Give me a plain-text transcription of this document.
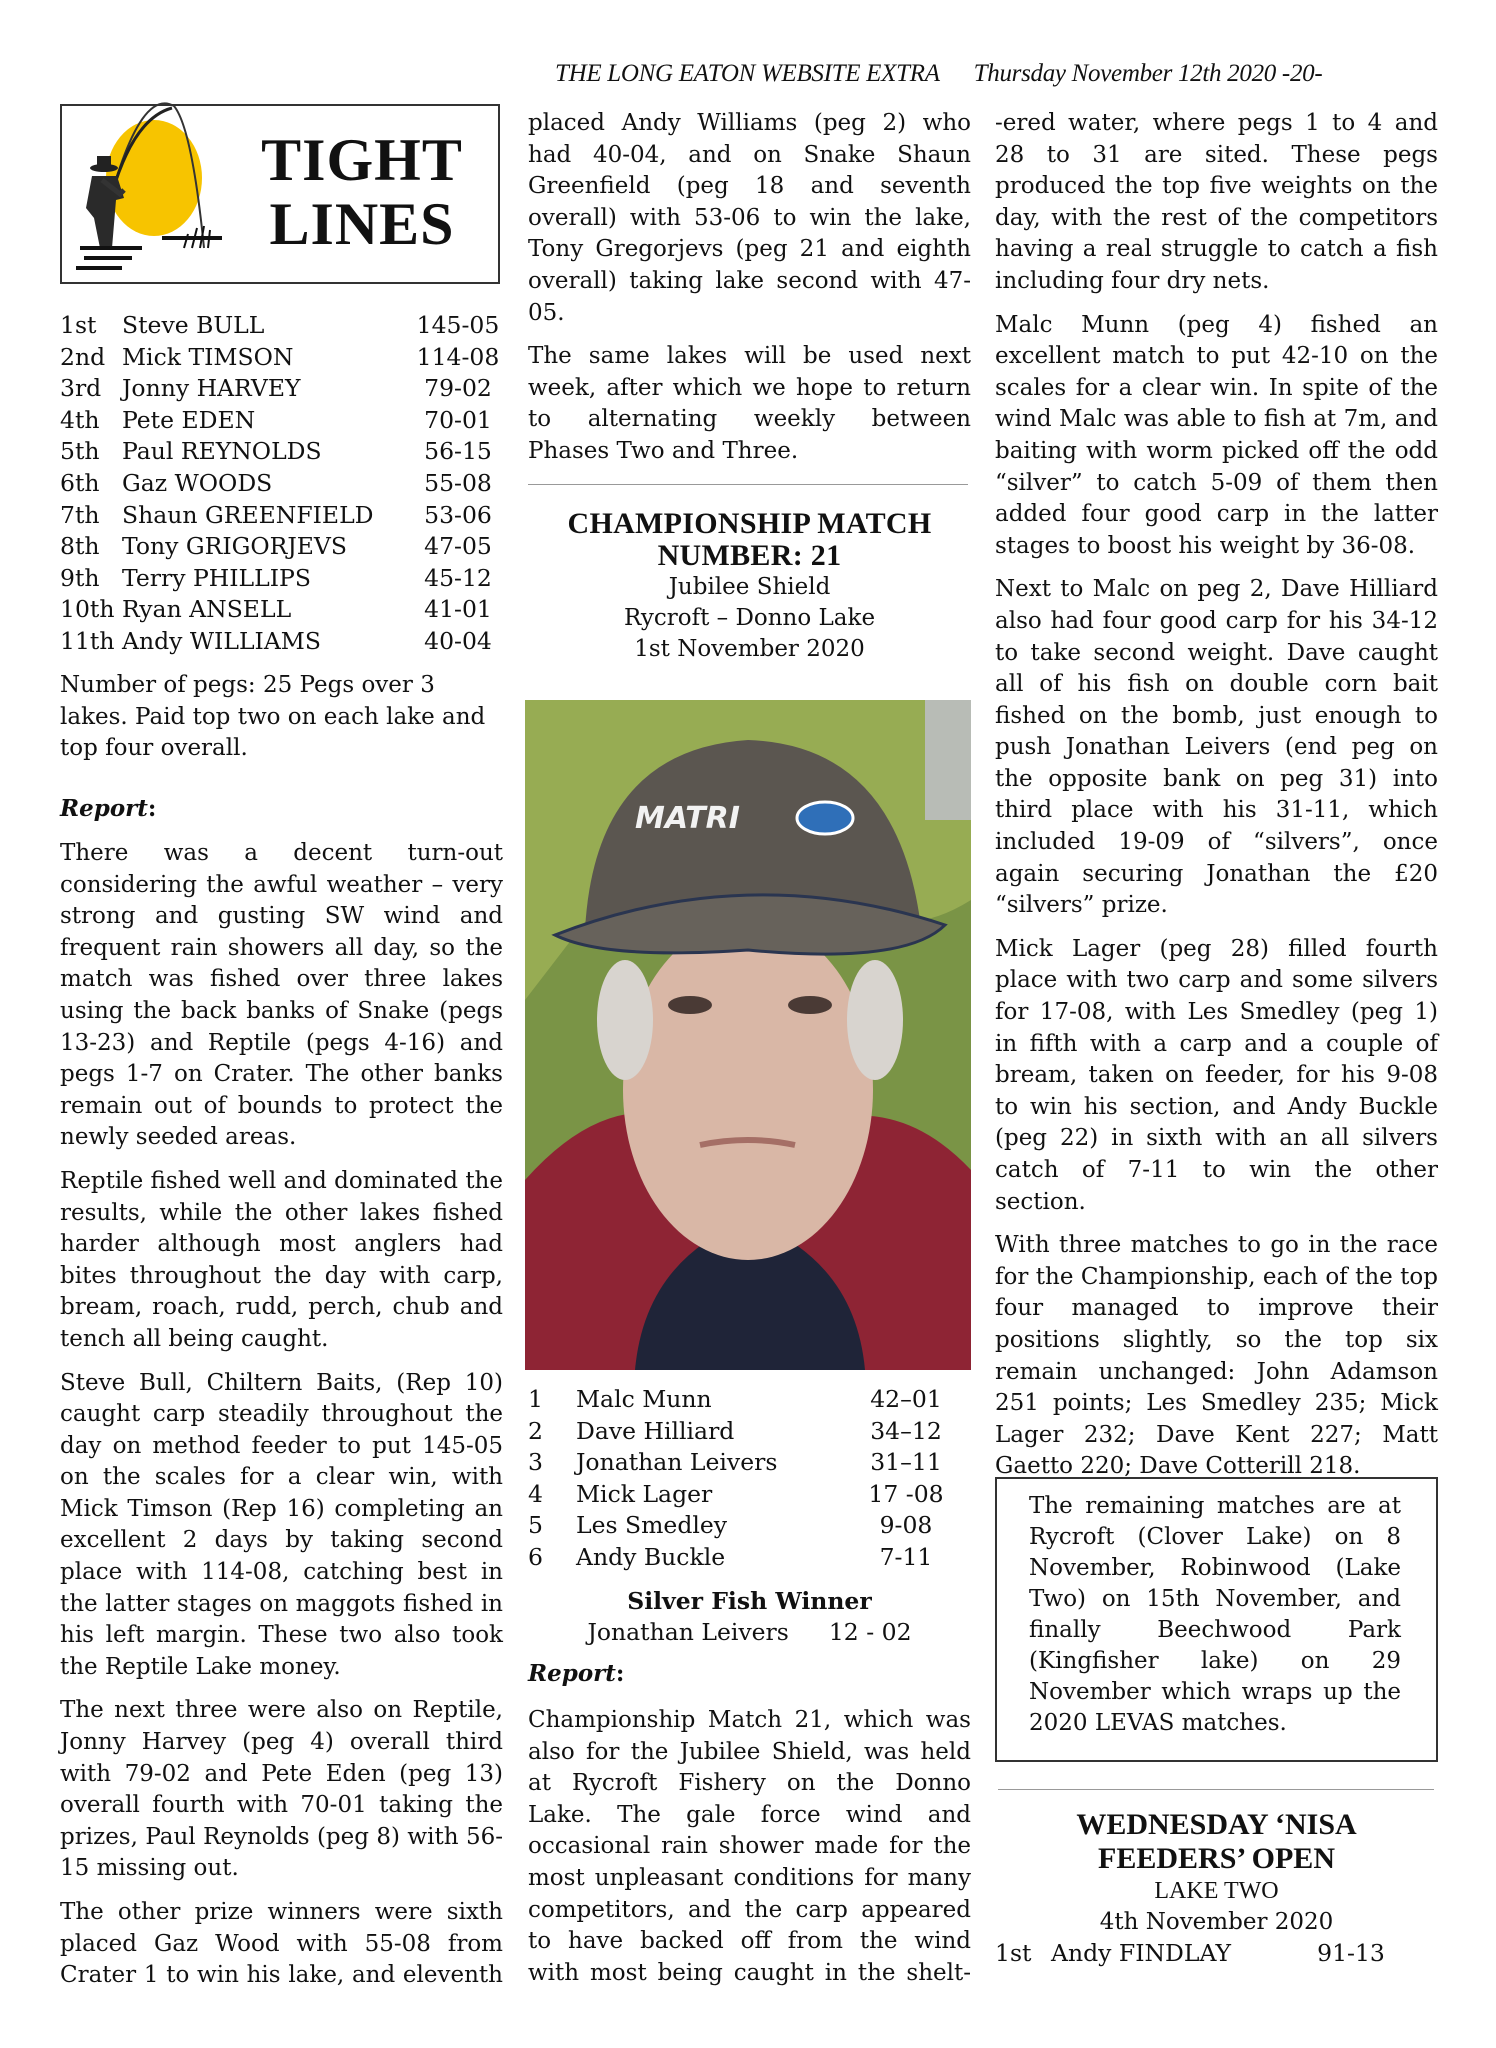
THE LONG EATON WEBSITE EXTRA Thursday November 12th 2020 -20-
TIGHT
LINES
1st	Steve BULL	145-05
2nd Mick TIMSON	114-08
3rd Jonny HARVEY	79-02
4th Pete EDEN	70-01
5th Paul REYNOLDS	56-15
6th Gaz WOODS	55-08
7th Shaun GREENFIELD	53-06
8th Tony GRIGORJEVS	47-05
9th Terry PHILLIPS	45-12
10th Ryan ANSELL	41-01
11th Andy WILLIAMS	40-04

Number of pegs: 25 Pegs over 3 lakes. Paid top two on each lake and top four overall.

Report:

There was a decent turn-out considering the awful weather – very strong and gusting SW wind and frequent rain showers all day, so the match was fished over three lakes using the back banks of Snake (pegs 13-23) and Reptile (pegs 4-16) and pegs 1-7 on Crater. The other banks remain out of bounds to protect the newly seeded areas.

Reptile fished well and dominated the results, while the other lakes fished harder although most anglers had bites throughout the day with carp, bream, roach, rudd, perch, chub and tench all being caught.

Steve Bull, Chiltern Baits, (Rep 10) caught carp steadily throughout the day on method feeder to put 145-05 on the scales for a clear win, with Mick Timson (Rep 16) completing an excellent 2 days by taking second place with 114-08, catching best in the latter stages on maggots fished in his left margin. These two also took the Reptile Lake money.

The next three were also on Reptile, Jonny Harvey (peg 4) overall third with 79-02 and Pete Eden (peg 13) overall fourth with 70-01 taking the prizes, Paul Reynolds (peg 8) with 56-15 missing out.

The other prize winners were sixth placed Gaz Wood with 55-08 from Crater 1 to win his lake, and eleventh

placed Andy Williams (peg 2) who had 40-04, and on Snake Shaun Greenfield (peg 18 and seventh overall) with 53-06 to win the lake, Tony Gregorjevs (peg 21 and eighth overall) taking lake second with 47-05.

The same lakes will be used next week, after which we hope to return to alternating weekly between Phases Two and Three.

CHAMPIONSHIP MATCH
NUMBER: 21
Jubilee Shield
Rycroft – Donno Lake
1st November 2020
MATRI
1	Malc Munn	42–01
2	Dave Hilliard	34–12
3	Jonathan Leivers	31–11
4	Mick Lager	17 -08
5	Les Smedley	9-08
6	Andy Buckle	7-11
Silver Fish Winner
Jonathan Leivers 12 - 02
Report:

Championship Match 21, which was also for the Jubilee Shield, was held at Rycroft Fishery on the Donno Lake. The gale force wind and occasional rain shower made for the most unpleasant conditions for many competitors, and the carp appeared to have backed off from the wind with most being caught in the shelt-

-ered water, where pegs 1 to 4 and 28 to 31 are sited. These pegs produced the top five weights on the day, with the rest of the competitors having a real struggle to catch a fish including four dry nets.

Malc Munn (peg 4) fished an excellent match to put 42-10 on the scales for a clear win. In spite of the wind Malc was able to fish at 7m, and baiting with worm picked off the odd “silver” to catch 5-09 of them then added four good carp in the latter stages to boost his weight by 36-08.

Next to Malc on peg 2, Dave Hilliard also had four good carp for his 34-12 to take second weight. Dave caught all of his fish on double corn bait fished on the bomb, just enough to push Jonathan Leivers (end peg on the opposite bank on peg 31) into third place with his 31-11, which included 19-09 of “silvers”, once again securing Jonathan the £20 “silvers” prize.

Mick Lager (peg 28) filled fourth place with two carp and some silvers for 17-08, with Les Smedley (peg 1) in fifth with a carp and a couple of bream, taken on feeder, for his 9-08 to win his section, and Andy Buckle (peg 22) in sixth with an all silvers catch of 7-11 to win the other section.

With three matches to go in the race for the Championship, each of the top four managed to improve their positions slightly, so the top six remain unchanged: John Adamson 251 points; Les Smedley 235; Mick Lager 232; Dave Kent 227; Matt Gaetto 220; Dave Cotterill 218.

The remaining matches are at Rycroft (Clover Lake) on 8 November, Robinwood (Lake Two) on 15th November, and finally Beechwood Park (Kingfisher lake) on 29 November which wraps up the 2020 LEVAS matches.

WEDNESDAY ‘NISA
FEEDERS’ OPEN
LAKE TWO
4th November 2020
1st Andy FINDLAY	91-13
